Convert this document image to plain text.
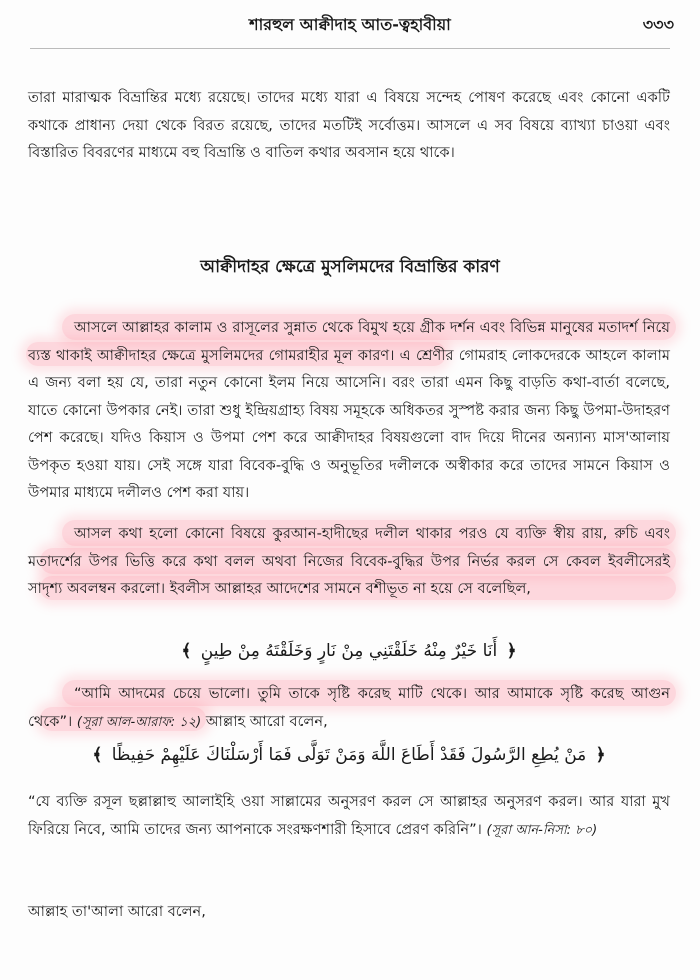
শারহুল আক্বীদাহ আত-ত্বহাবীয়া	৩৩৩

তারা মারাত্মক বিভ্রান্তির মধ্যে রয়েছে। তাদের মধ্যে যারা এ বিষয়ে সন্দেহ পোষণ করেছে এবং কোনো একটি কথাকে প্রাধান্য দেয়া থেকে বিরত রয়েছে, তাদের মতটিই সর্বোত্তম। আসলে এ সব বিষয়ে ব্যাখ্যা চাওয়া এবং বিস্তারিত বিবরণের মাধ্যমে বহু বিভ্রান্তি ও বাতিল কথার অবসান হয়ে থাকে।

আক্বীদাহর ক্ষেত্রে মুসলিমদের বিভ্রান্তির কারণ

আসলে আল্লাহর কালাম ও রাসূলের সুন্নাত থেকে বিমুখ হয়ে গ্রীক দর্শন এবং বিভিন্ন মানুষের মতাদর্শ নিয়ে ব্যস্ত থাকাই আক্বীদাহর ক্ষেত্রে মুসলিমদের গোমরাহীর মূল কারণ। এ শ্রেণীর গোমরাহ লোকদেরকে আহলে কালাম এ জন্য বলা হয় যে, তারা নতুন কোনো ইলম নিয়ে আসেনি। বরং তারা এমন কিছু বাড়তি কথা-বার্তা বলেছে, যাতে কোনো উপকার নেই। তারা শুধু ইন্দ্রিয়গ্রাহ্য বিষয় সমূহকে অধিকতর সুস্পষ্ট করার জন্য কিছু উপমা-উদাহরণ পেশ করেছে। যদিও কিয়াস ও উপমা পেশ করে আক্বীদাহর বিষয়গুলো বাদ দিয়ে দীনের অন্যান্য মাস'আলায় উপকৃত হওয়া যায়। সেই সঙ্গে যারা বিবেক-বুদ্ধি ও অনুভূতির দলীলকে অস্বীকার করে তাদের সামনে কিয়াস ও উপমার মাধ্যমে দলীলও পেশ করা যায়।

আসল কথা হলো কোনো বিষয়ে কুরআন-হাদীছের দলীল থাকার পরও যে ব্যক্তি স্বীয় রায়, রুচি এবং মতাদর্শের উপর ভিত্তি করে কথা বলল অথবা নিজের বিবেক-বুদ্ধির উপর নির্ভর করল সে কেবল ইবলীসেরই সাদৃশ্য অবলম্বন করলো। ইবলীস আল্লাহর আদেশের সামনে বশীভূত না হয়ে সে বলেছিল,

﴿ أَنَا خَيْرٌ مِنْهُ خَلَقْتَنِي مِنْ نَارٍ وَخَلَقْتَهُ مِنْ طِينٍ ﴾

“আমি আদমের চেয়ে ভালো। তুমি তাকে সৃষ্টি করেছ মাটি থেকে। আর আমাকে সৃষ্টি করেছ আগুন থেকে”। (সূরা আল-আরাফ: ১২) আল্লাহ আরো বলেন,

﴿ مَنْ يُطِعِ الرَّسُولَ فَقَدْ أَطَاعَ اللَّهَ وَمَنْ تَوَلَّى فَمَا أَرْسَلْنَاكَ عَلَيْهِمْ حَفِيظًا ﴾

“যে ব্যক্তি রসূল ছল্লাল্লাহু আলাইহি ওয়া সাল্লামের অনুসরণ করল সে আল্লাহর অনুসরণ করল। আর যারা মুখ ফিরিয়ে নিবে, আমি তাদের জন্য আপনাকে সংরক্ষণশারী হিসাবে প্রেরণ করিনি”। (সূরা আন-নিসা: ৮০)

আল্লাহ তা'আলা আরো বলেন,
